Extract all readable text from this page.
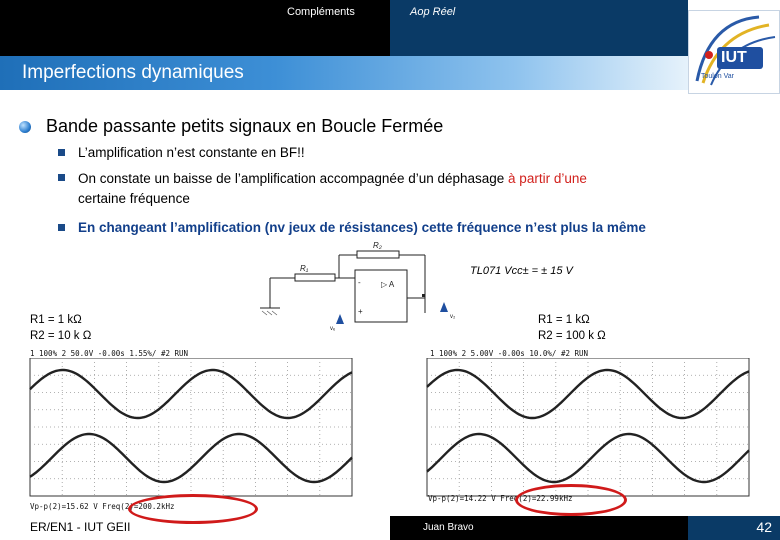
Compléments	Aop Réel
Imperfections dynamiques
IUT
Toulon Var
Bande passante petits signaux en Boucle Fermée
L’amplification n’est constante en BF!!
On constate un baisse de l’amplification accompagnée d’un déphasage à partir d’une
certaine fréquence
En changeant l’amplification (nv jeux de résistances) cette fréquence n’est plus la même
R₂
R₁
-
+
▷ A
TL071 Vcc± = ± 15 V
vₑ
v₂
R1 = 1 kΩ
R2 = 10 k Ω
R1 = 1 kΩ
R2 = 100 k Ω
1 100% 2 50.0V -0.00s 1.55%/ #2 RUN
Vp-p(2)=15.62 V Freq(2)=200.2kHz
1 100% 2 5.00V -0.00s 10.0%/ #2 RUN
Vp-p(2)=14.22 V Freq(2)=22.99kHz
ER/EN1 - IUT GEII	Juan Bravo	42
